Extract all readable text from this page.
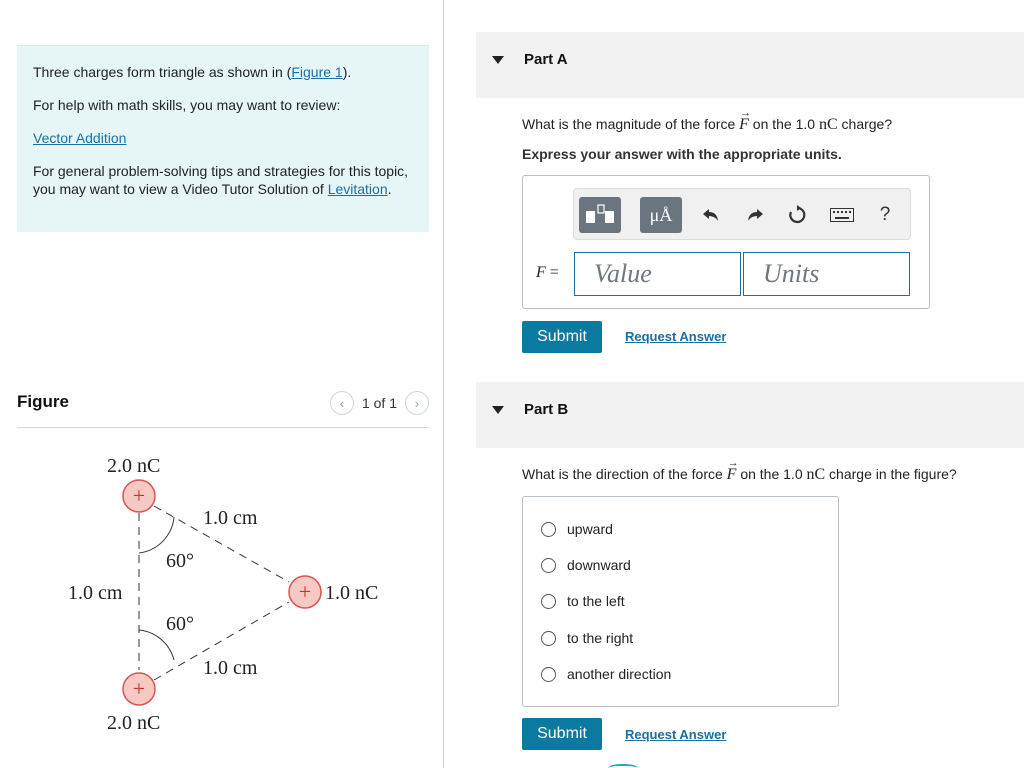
Three charges form triangle as shown in (Figure 1).

For help with math skills, you may want to review:

Vector Addition

For general problem-solving tips and strategies for this topic, you may want to view a Video Tutor Solution of Levitation.

Figure	‹	1 of 1	›
+
+
+
2.0 nC
2.0 nC
1.0 nC
1.0 cm
1.0 cm
1.0 cm
60°
60°
Part A
What is the magnitude of the force F
→
on the 1.0 nC charge?
Express your answer with the appropriate units.
μÅ	?
F =
Value
Units
Submit	Request Answer
Part B
What is the direction of the force F
→
on the 1.0 nC charge in the figure?
upward
downward
to the left
to the right
another direction
Submit	Request Answer
